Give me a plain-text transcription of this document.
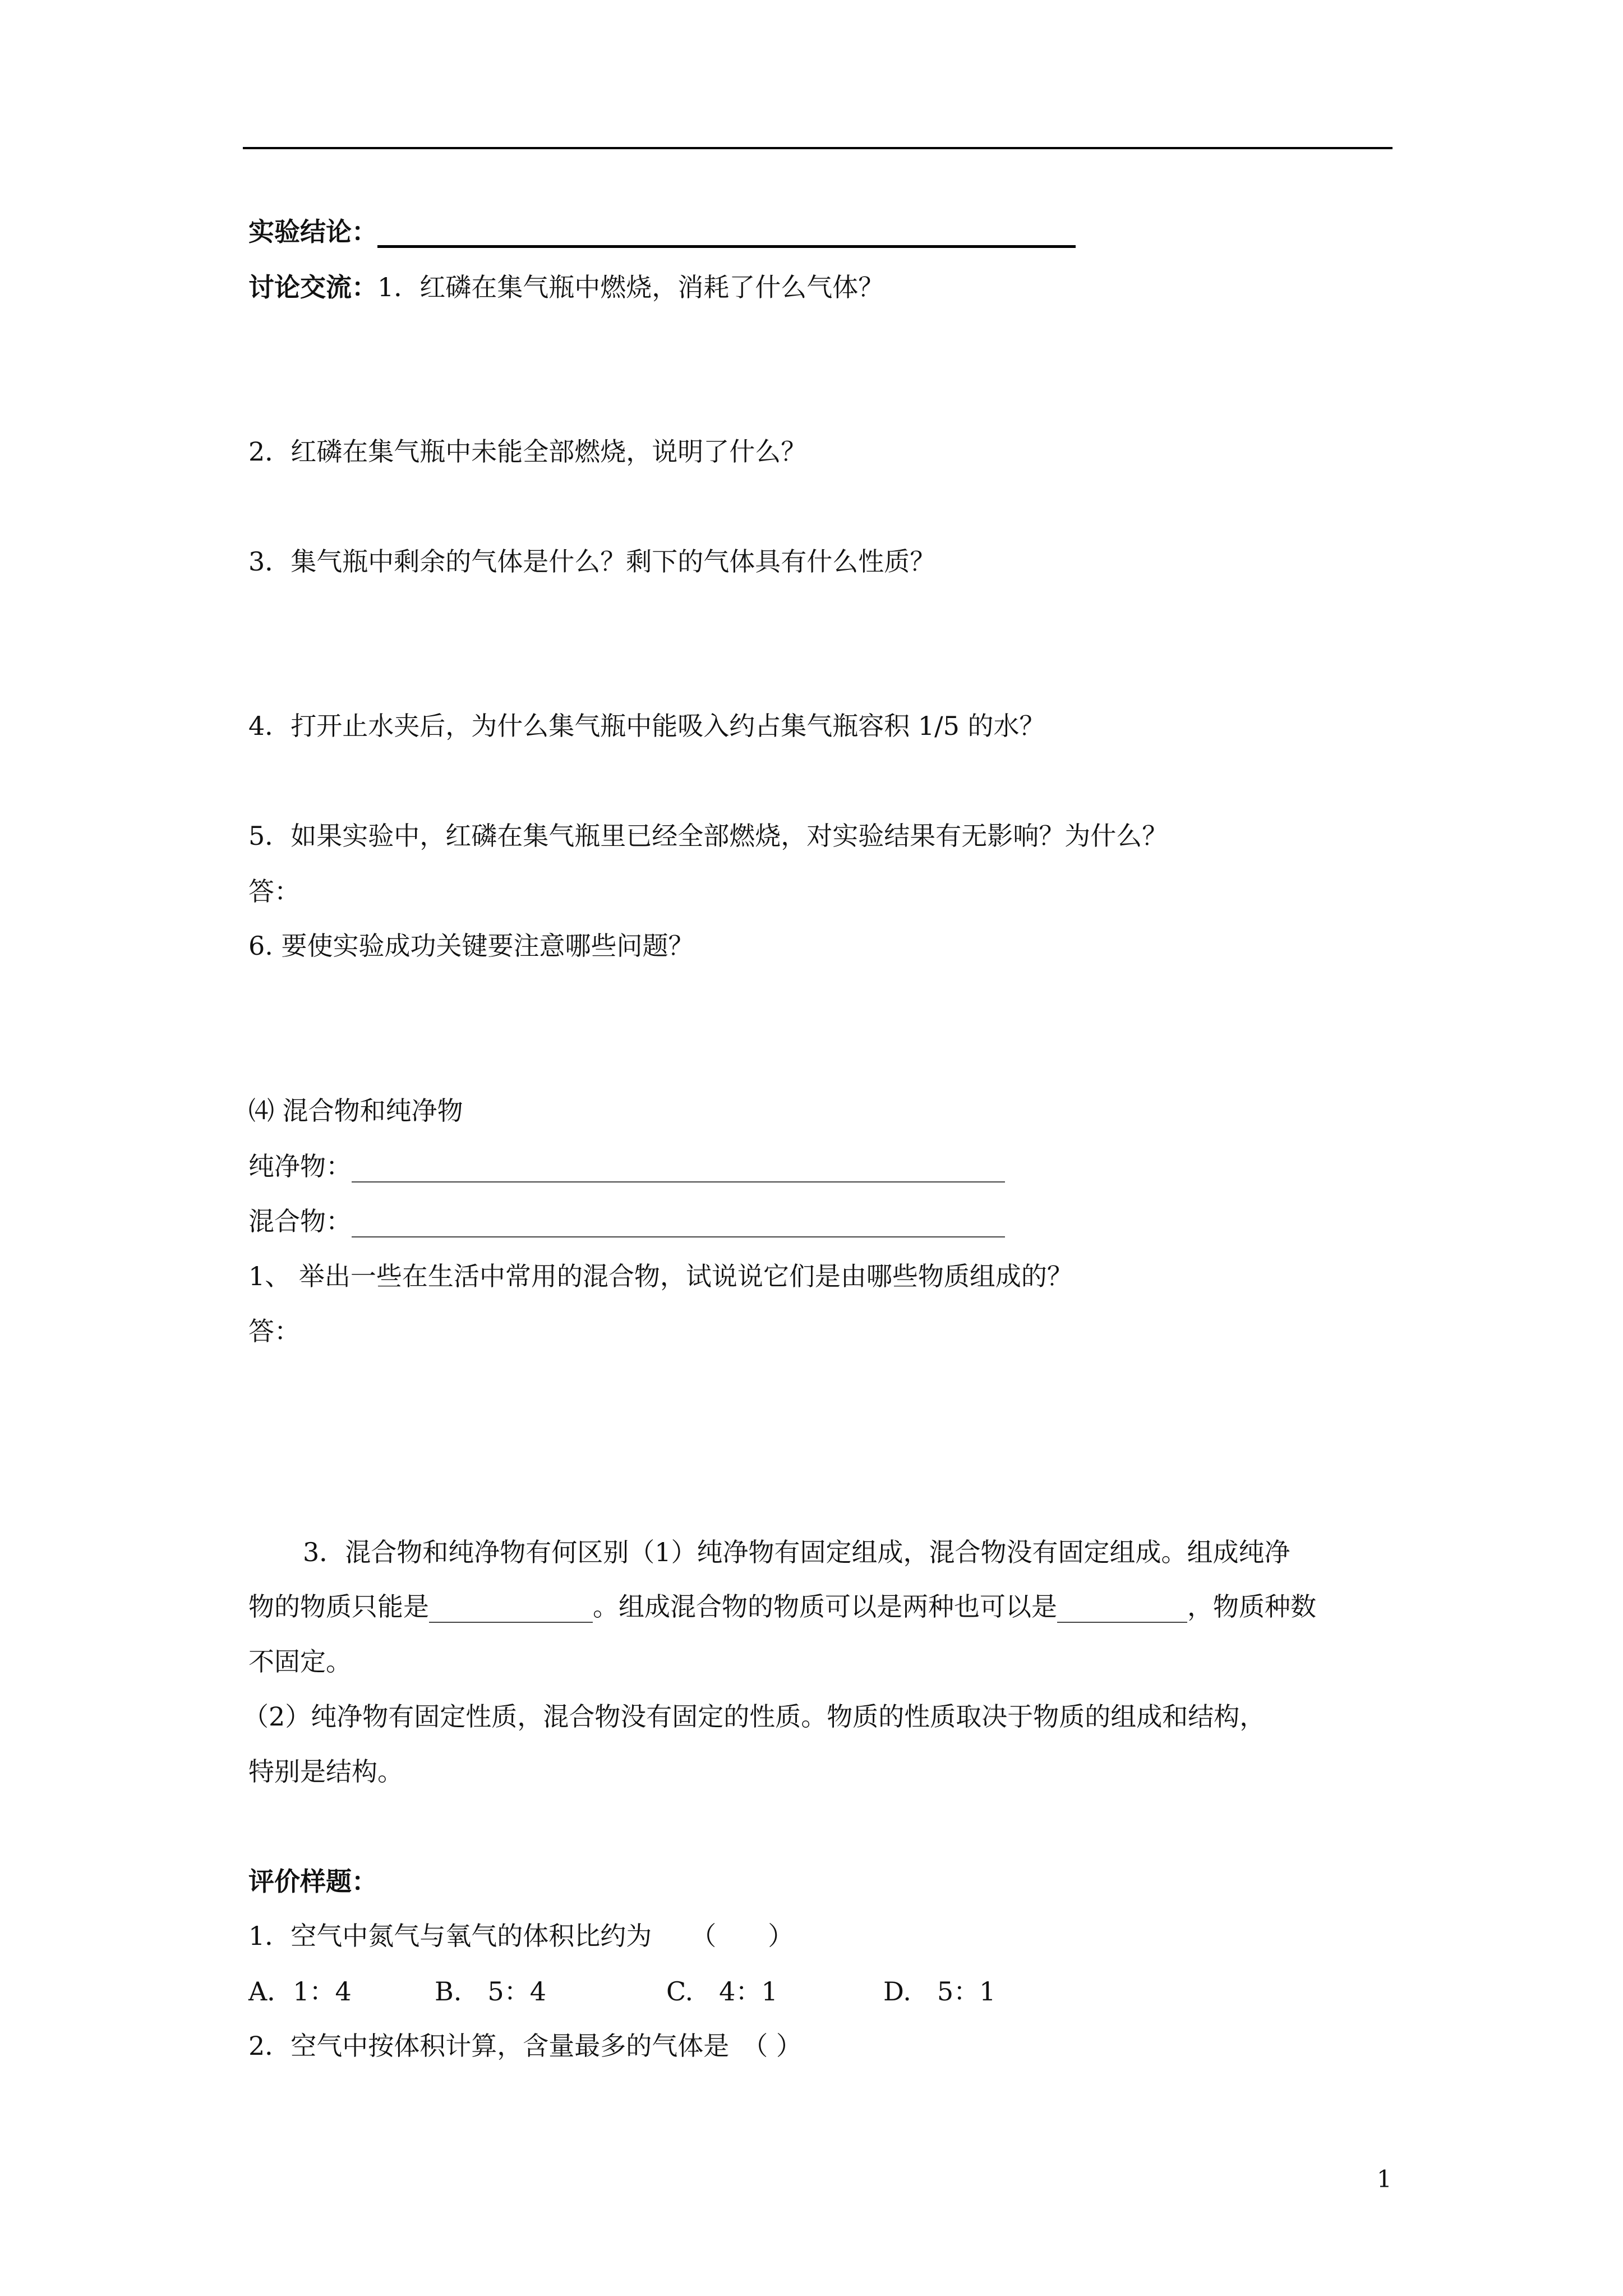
实验结论：
讨论交流：1．红磷在集气瓶中燃烧，消耗了什么气体？
2．红磷在集气瓶中未能全部燃烧，说明了什么？
3．集气瓶中剩余的气体是什么？剩下的气体具有什么性质？
4．打开止水夹后，为什么集气瓶中能吸入约占集气瓶容积 1/5 的水？
5．如果实验中，红磷在集气瓶里已经全部燃烧，对实验结果有无影响？为什么？
答：
6. 要使实验成功关键要注意哪些问题？
⑷ 混合物和纯净物
纯净物：
混合物：
1、 举出一些在生活中常用的混合物，试说说它们是由哪些物质组成的？
答：
3．混合物和纯净物有何区别（1）纯净物有固定组成，混合物没有固定组成。组成纯净
物的物质只能是	。组成混合物的物质可以是两种也可以是	，物质种数
不固定。
（2）纯净物有固定性质，混合物没有固定的性质。物质的性质取决于物质的组成和结构，
特别是结构。
评价样题：
1．空气中氮气与氧气的体积比约为　　（　　）
A．1：4	B.　5：4	C.　4：1	D.　5：1
2．空气中按体积计算，含量最多的气体是　（ ）
1
